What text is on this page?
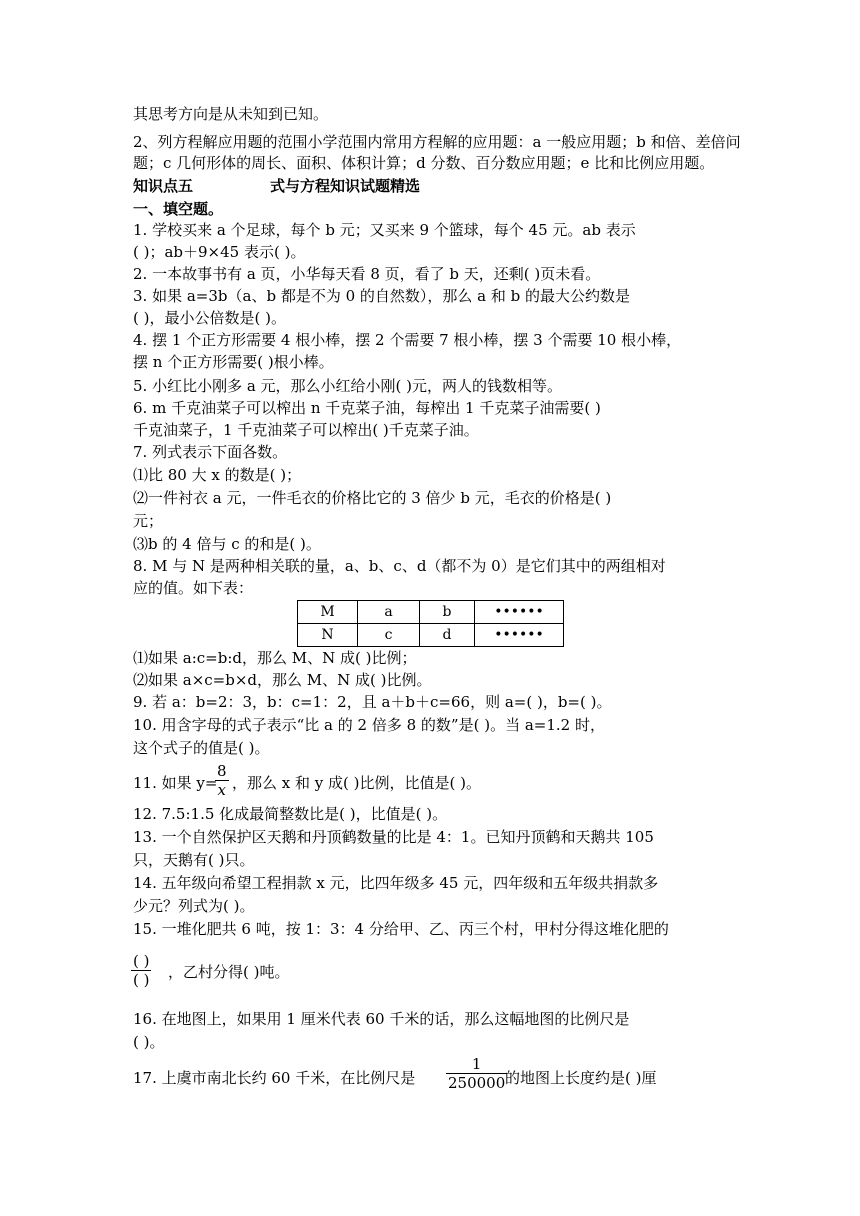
其思考方向是从未知到已知。
2、列方程解应用题的范围小学范围内常用方程解的应用题：a 一般应用题；b 和倍、差倍问
题；c 几何形体的周长、面积、体积计算；d 分数、百分数应用题；e 比和比例应用题。
知识点五	式与方程知识试题精选
一、填空题。
1. 学校买来 a 个足球，每个 b 元；又买来 9 个篮球，每个 45 元。ab 表示
( )；ab＋9×45 表示( )。
2. 一本故事书有 a 页，小华每天看 8 页，看了 b 天，还剩( )页未看。
3. 如果 a=3b（a、b 都是不为 0 的自然数），那么 a 和 b 的最大公约数是
( )，最小公倍数是( )。
4. 摆 1 个正方形需要 4 根小棒，摆 2 个需要 7 根小棒，摆 3 个需要 10 根小棒，
摆 n 个正方形需要( )根小棒。
5. 小红比小刚多 a 元，那么小红给小刚( )元，两人的钱数相等。
6. m 千克油菜子可以榨出 n 千克菜子油，每榨出 1 千克菜子油需要( )
千克油菜子，1 千克油菜子可以榨出( )千克菜子油。
7. 列式表示下面各数。
⑴比 80 大 x 的数是( )；
⑵一件衬衣 a 元，一件毛衣的价格比它的 3 倍少 b 元，毛衣的价格是( )
元；
⑶b 的 4 倍与 c 的和是( )。
8. M 与 N 是两种相关联的量，a、b、c、d（都不为 0）是它们其中的两组相对
应的值。如下表：
M	a	b	••••••
N	c	d	••••••
⑴如果 a:c=b:d，那么 M、N 成( )比例；
⑵如果 a×c=b×d，那么 M、N 成( )比例。
9. 若 a：b=2：3，b：c=1：2，且 a＋b＋c=66，则 a=( )，b=( )。
10. 用含字母的式子表示“比 a 的 2 倍多 8 的数”是( )。当 a=1.2 时，
这个式子的值是( )。
11. 如果 y=
$\frac{8}{x}$ ，那么 x 和 y 成( )比例，比值是( )。
12. 7.5:1.5 化成最简整数比是( )，比值是( )。
13. 一个自然保护区天鹅和丹顶鹤数量的比是 4：1。已知丹顶鹤和天鹅共 105
只，天鹅有( )只。
14. 五年级向希望工程捐款 x 元，比四年级多 45 元，四年级和五年级共捐款多
少元？列式为( )。
15. 一堆化肥共 6 吨，按 1：3：4 分给甲、乙、丙三个村，甲村分得这堆化肥的
( )
( ) ，乙村分得( )吨。
16. 在地图上，如果用 1 厘米代表 60 千米的话，那么这幅地图的比例尺是
( )。
17. 上虞市南北长约 60 千米，在比例尺是	$\frac{1}{250000}$
的地图上长度约是( )厘
